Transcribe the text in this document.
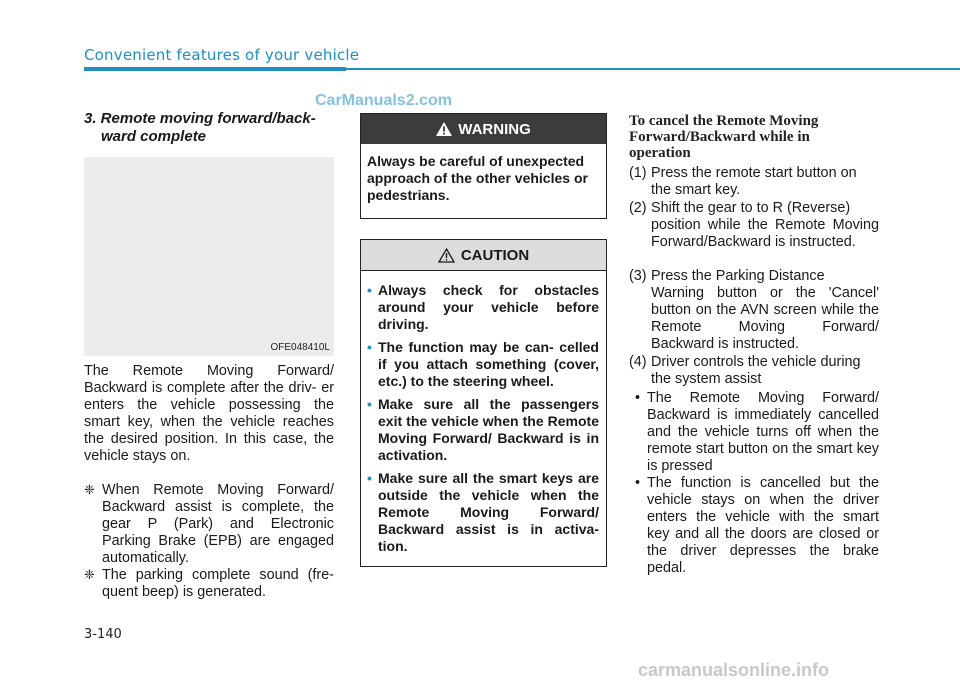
Convenient features of your vehicle
CarManuals2.com
3. Remote moving forward/back-
ward complete
OFE048410L
The Remote Moving Forward/ Backward is complete after the driv- er enters the vehicle possessing the smart key, when the vehicle reaches the desired position. In this case, the vehicle stays on.
❈ When Remote Moving Forward/ Backward assist is complete, the gear P (Park) and Electronic Parking Brake (EPB) are engaged automatically.
❈ The parking complete sound (fre- quent beep) is generated.
WARNING
Always be careful of unexpected approach of the other vehicles or pedestrians.
CAUTION
• Always check for obstacles around your vehicle before driving.
• The function may be can- celled if you attach something (cover, etc.) to the steering wheel.
• Make sure all the passengers exit the vehicle when the Remote Moving Forward/ Backward is in activation.
• Make sure all the smart keys are outside the vehicle when the Remote Moving Forward/ Backward assist is in activa- tion.
To cancel the Remote Moving
Forward/Backward while in
operation
(1) Press the remote start button on
the smart key.
(2) Shift the gear to to R (Reverse)
position while the Remote Moving Forward/Backward is instructed.
(3) Press the Parking Distance
Warning button or the 'Cancel' button on the AVN screen while the Remote Moving Forward/ Backward is instructed.
(4) Driver controls the vehicle during
the system assist
• The Remote Moving Forward/ Backward is immediately cancelled and the vehicle turns off when the remote start button on the smart key is pressed
• The function is cancelled but the vehicle stays on when the driver enters the vehicle with the smart key and all the doors are closed or the driver depresses the brake pedal.
3-140
carmanualsonline.info
